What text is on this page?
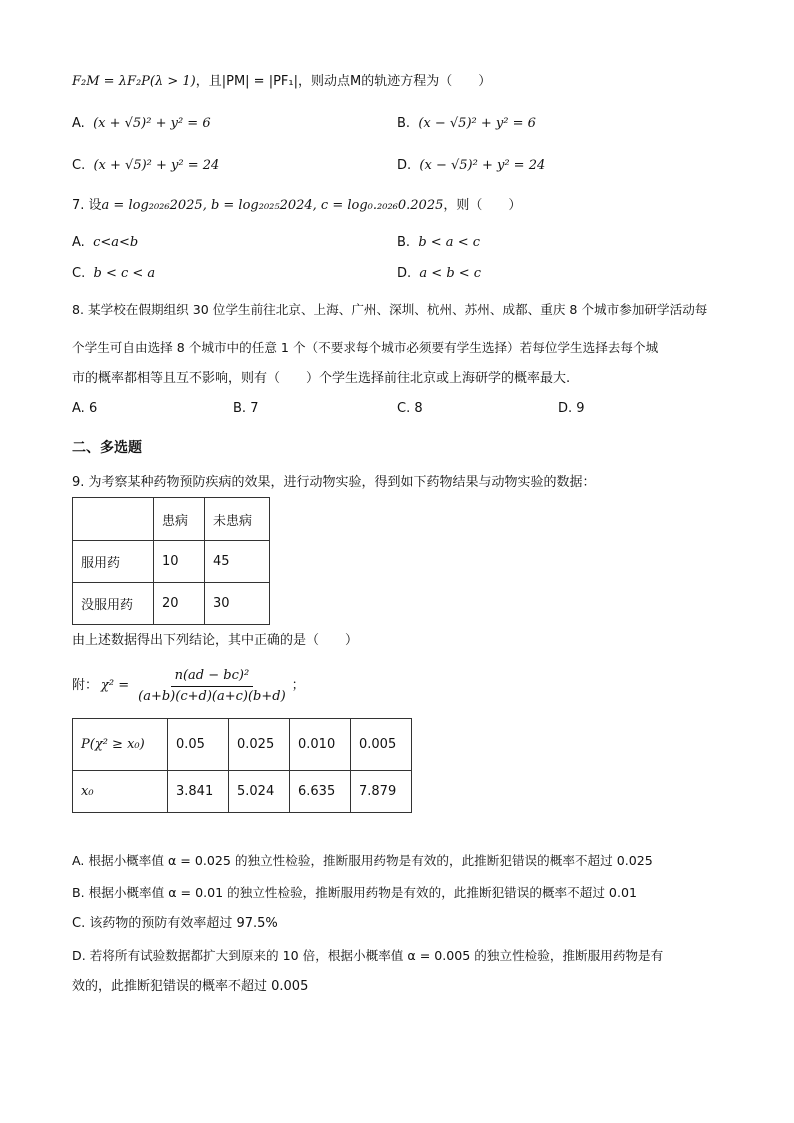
F₂M = λF₂P(λ > 1)，且|PM| = |PF₁|，则动点M的轨迹方程为（　　）
A. (x + √5)² + y² = 6	B. (x − √5)² + y² = 6
C. (x + √5)² + y² = 24	D. (x − √5)² + y² = 24
7. 设a = log₂₀₂₆2025, b = log₂₀₂₅2024, c = log₀.₂₀₂₆0.2025，则（　　）
A. c<a<b	B. b < a < c
C. b < c < a	D. a < b < c
8. 某学校在假期组织 30 位学生前往北京、上海、广州、深圳、杭州、苏州、成都、重庆 8 个城市参加研学活动每
个学生可自由选择 8 个城市中的任意 1 个（不要求每个城市必须要有学生选择）若每位学生选择去每个城
市的概率都相等且互不影响，则有（　　）个学生选择前往北京或上海研学的概率最大.
A. 6	B. 7	C. 8	D. 9
二、多选题
9. 为考察某种药物预防疾病的效果，进行动物实验，得到如下药物结果与动物实验的数据：
	患病	未患病
服用药	10	45
没服用药	20	30
由上述数据得出下列结论，其中正确的是（　　）
附： $\chi^2 = \frac{\text{n(ad − bc)²}}{(a+b)(c+d)(a+c)(b+d)}$ ；
P(χ² ≥ x₀)	0.05	0.025	0.010	0.005
x₀	3.841	5.024	6.635	7.879
A. 根据小概率值 α = 0.025 的独立性检验，推断服用药物是有效的，此推断犯错误的概率不超过 0.025
B. 根据小概率值 α = 0.01 的独立性检验，推断服用药物是有效的，此推断犯错误的概率不超过 0.01
C. 该药物的预防有效率超过 97.5%
D. 若将所有试验数据都扩大到原来的 10 倍，根据小概率值 α = 0.005 的独立性检验，推断服用药物是有
效的，此推断犯错误的概率不超过 0.005
